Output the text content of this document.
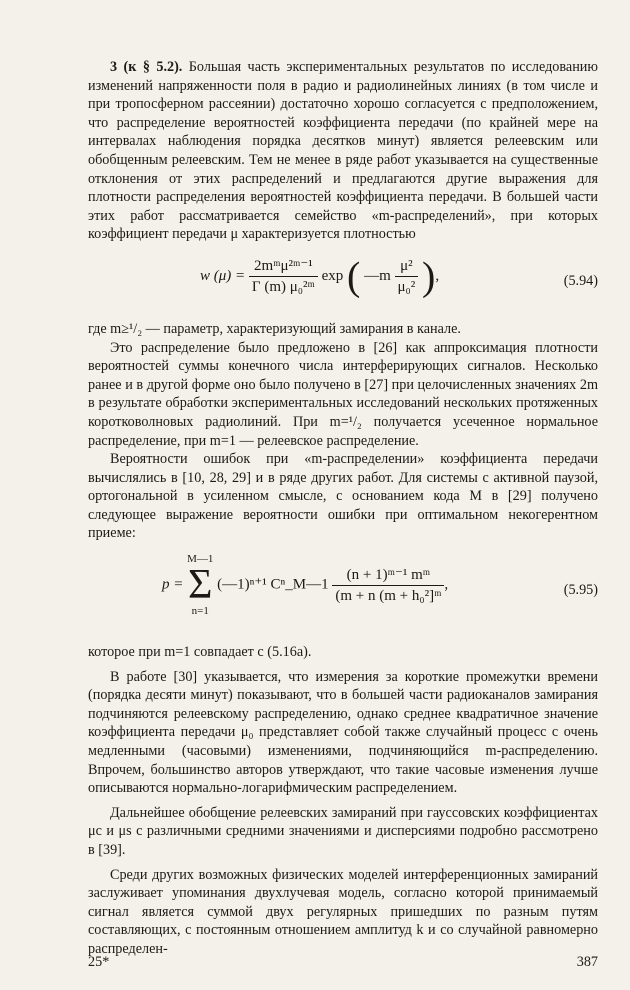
3 (к § 5.2). Большая часть экспериментальных результатов по исследованию изменений напряженности поля в радио и радиолинейных линиях (в том числе и при тропосферном рассеянии) достаточно хорошо согласуется с предположением, что распределение вероятностей коэффициента передачи (по крайней мере на интервалах наблюдения порядка десятков минут) является релеевским или обобщенным релеевским. Тем не менее в ряде работ указывается на существенные отклонения от этих распределений и предлагаются другие выражения для плотности распределения вероятностей коэффициента передачи. В большей части этих работ рассматривается семейство «m-распределений», при которых коэффициент передачи μ характеризуется плотностью

w $(\mu) = \frac{\text{2mᵐμ²ᵐ⁻¹}}{\text{Γ (m) μ₀²ᵐ}}$ exp ( —m $\frac{\text{μ²}}{\text{μ₀²}}$ ),	(5.94)

где m≥¹/₂ — параметр, характеризующий замирания в канале.

Это распределение было предложено в [26] как аппроксимация плотности вероятностей суммы конечного числа интерферирующих сигналов. Несколько ранее и в другой форме оно было получено в [27] при целочисленных значениях 2m в результате обработки экспериментальных исследований нескольких протяженных коротковолновых радиолиний. При m=¹/₂ получается усеченное нормальное распределение, при m=1 — релеевское распределение.

Вероятности ошибок при «m-распределении» коэффициента передачи вычислялись в [10, 28, 29] и в ряде других работ. Для системы с активной паузой, ортогональной в усиленном смысле, с основанием кода M в [29] получено следующее выражение вероятности ошибки при оптимальном некогерентном приеме:

p =
M—1
Σ
n=1
(—1)ⁿ⁺¹ Cⁿ_M—1 $\frac{\text{(n + 1)ᵐ⁻¹ mᵐ}}{\text{(m + n (m + h₀²]ᵐ}}$ ,	(5.95)

которое при m=1 совпадает с (5.16a).

В работе [30] указывается, что измерения за короткие промежутки времени (порядка десяти минут) показывают, что в большей части радиоканалов замирания подчиняются релеевскому распределению, однако среднее квадратичное значение коэффициента передачи μ₀ представляет собой также случайный процесс с очень медленными (часовыми) изменениями, подчиняющийся m-распределению. Впрочем, большинство авторов утверждают, что такие часовые изменения лучше описываются нормально-логарифмическим распределением.

Дальнейшее обобщение релеевских замираний при гауссовских коэффициентах μc и μs с различными средними значениями и дисперсиями подробно рассмотрено в [39].

Среди других возможных физических моделей интерференционных замираний заслуживает упоминания двухлучевая модель, согласно которой принимаемый сигнал является суммой двух регулярных пришедших по разным путям составляющих, с постоянным отношением амплитуд k и со случайной равномерно распределен-

25*	387
